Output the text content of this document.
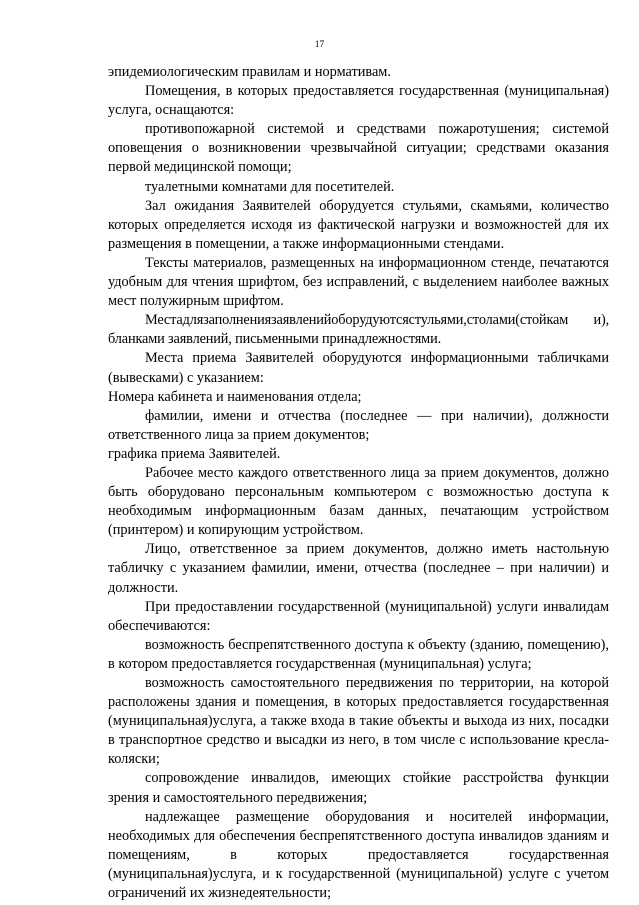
17

эпидемиологическим правилам и нормативам.

Помещения, в которых предоставляется государственная (муниципальная) услуга, оснащаются:

противопожарной системой и средствами пожаротушения; системой оповещения о возникновении чрезвычайной ситуации; средствами оказания первой медицинской помощи;

туалетными комнатами для посетителей.

Зал ожидания Заявителей оборудуется стульями, скамьями, количество которых определяется исходя из фактической нагрузки и возможностей для их размещения в помещении, а также информационными стендами.

Тексты материалов, размещенных на информационном стенде, печатаются удобным для чтения шрифтом, без исправлений, с выделением наиболее важных мест полужирным шрифтом.

Местадлязаполнениязаявленийоборудуютсястульями,столами(стойкам и), бланками заявлений, письменными принадлежностями.

Места приема Заявителей оборудуются информационными табличками (вывесками) с указанием:

Номера кабинета и наименования отдела;

фамилии, имени и отчества (последнее — при наличии), должности ответственного лица за прием документов;

графика приема Заявителей.

Рабочее место каждого ответственного лица за прием документов, должно быть оборудовано персональным компьютером с возможностью доступа к необходимым информационным базам данных, печатающим устройством (принтером) и копирующим устройством.

Лицо, ответственное за прием документов, должно иметь настольную табличку с указанием фамилии, имени, отчества (последнее – при наличии) и должности.

При предоставлении государственной (муниципальной) услуги инвалидам обеспечиваются:

возможность беспрепятственного доступа к объекту (зданию, помещению), в котором предоставляется государственная (муниципальная) услуга;

возможность самостоятельного передвижения по территории, на которой расположены здания и помещения, в которых предоставляется государственная (муниципальная)услуга, а также входа в такие объекты и выхода из них, посадки в транспортное средство и высадки из него, в том числе с использование кресла-коляски;

сопровождение инвалидов, имеющих стойкие расстройства функции зрения и самостоятельного передвижения;

надлежащее размещение оборудования и носителей информации, необходимых для обеспечения беспрепятственного доступа инвалидов зданиям и помещениям, в которых предоставляется государственная (муниципальная)услуга, и к государственной (муниципальной) услуге с учетом ограничений их жизнедеятельности;
